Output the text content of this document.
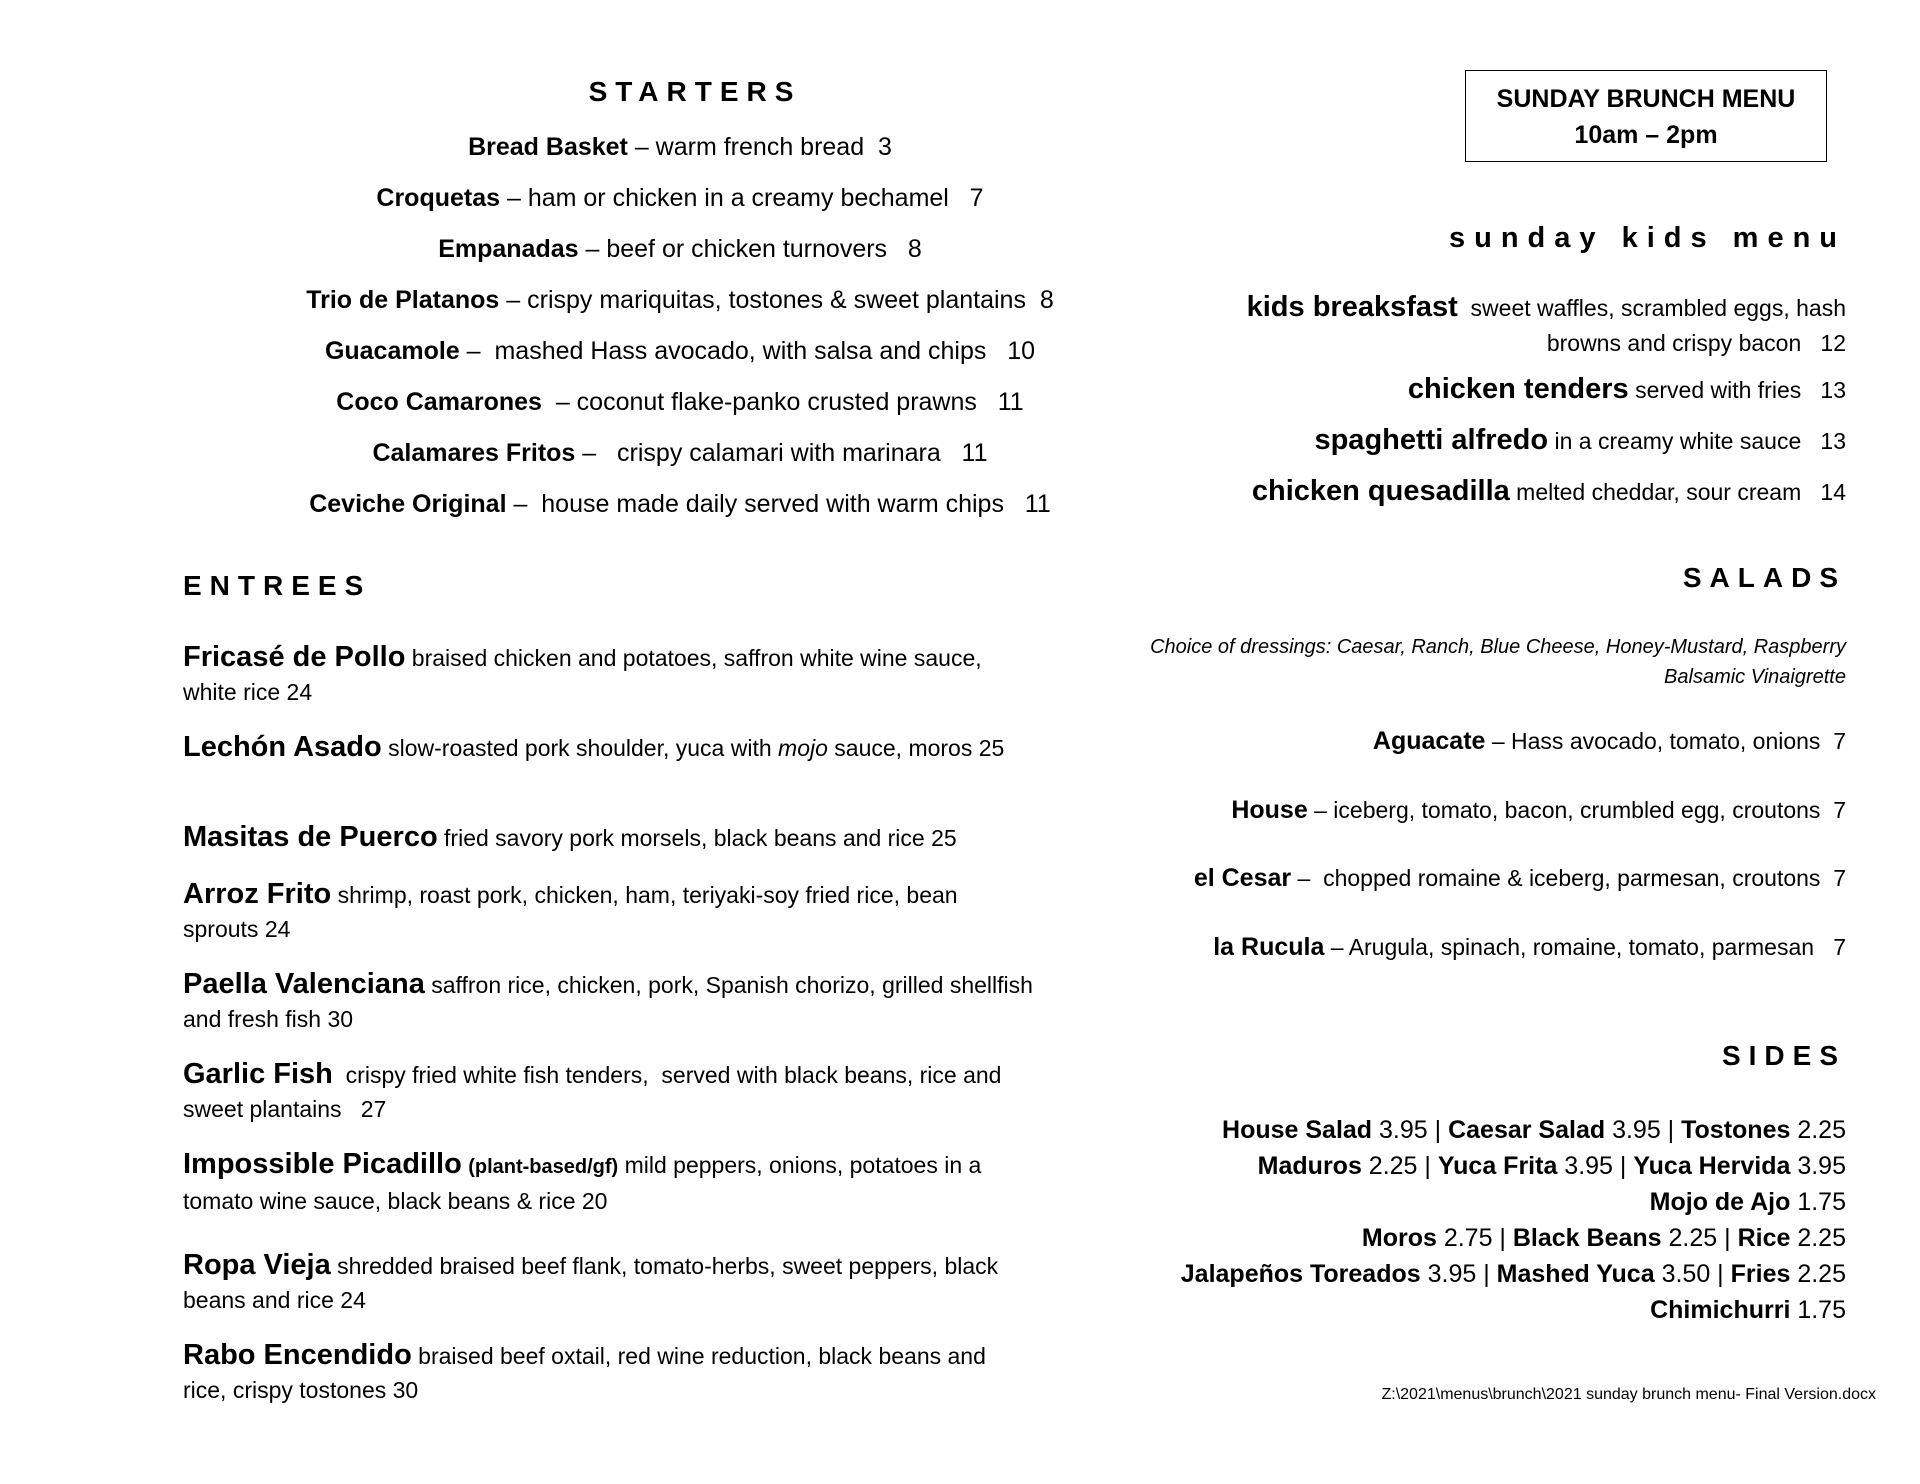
STARTERS
Bread Basket – warm french bread  3
Croquetas – ham or chicken in a creamy bechamel   7
Empanadas – beef or chicken turnovers   8
Trio de Platanos – crispy mariquitas, tostones & sweet plantains  8
Guacamole –  mashed Hass avocado, with salsa and chips   10
Coco Camarones  – coconut flake-panko crusted prawns   11
Calamares Fritos –   crispy calamari with marinara   11
Ceviche Original –  house made daily served with warm chips   11
ENTREES
Fricasé de Pollo braised chicken and potatoes, saffron white wine sauce, white rice 24
Lechón Asado slow-roasted pork shoulder, yuca with mojo sauce, moros 25
Masitas de Puerco fried savory pork morsels, black beans and rice 25
Arroz Frito shrimp, roast pork, chicken, ham, teriyaki-soy fried rice, bean sprouts 24
Paella Valenciana saffron rice, chicken, pork, Spanish chorizo, grilled shellfish and fresh fish 30
Garlic Fish  crispy fried white fish tenders,  served with black beans, rice and sweet plantains   27
Impossible Picadillo (plant-based/gf) mild peppers, onions, potatoes in a tomato wine sauce, black beans & rice 20
Ropa Vieja shredded braised beef flank, tomato-herbs, sweet peppers, black beans and rice 24
Rabo Encendido braised beef oxtail, red wine reduction, black beans and rice, crispy tostones 30
SUNDAY BRUNCH MENU
10am – 2pm
sunday kids menu
kids breaksfast  sweet waffles, scrambled eggs, hash browns and crispy bacon   12
chicken tenders served with fries   13
spaghetti alfredo in a creamy white sauce   13
chicken quesadilla melted cheddar, sour cream   14
SALADS
Choice of dressings: Caesar, Ranch, Blue Cheese, Honey-Mustard, Raspberry Balsamic Vinaigrette
Aguacate – Hass avocado, tomato, onions  7
House – iceberg, tomato, bacon, crumbled egg, croutons  7
el Cesar –  chopped romaine & iceberg, parmesan, croutons  7
la Rucula – Arugula, spinach, romaine, tomato, parmesan   7
SIDES
House Salad 3.95 | Caesar Salad 3.95 | Tostones 2.25
Maduros 2.25 | Yuca Frita 3.95 | Yuca Hervida 3.95
Mojo de Ajo 1.75
Moros 2.75 | Black Beans 2.25 | Rice 2.25
Jalapeños Toreados 3.95 | Mashed Yuca 3.50 | Fries 2.25
Chimichurri 1.75
Z:\2021\menus\brunch\2021 sunday brunch menu- Final Version.docx
